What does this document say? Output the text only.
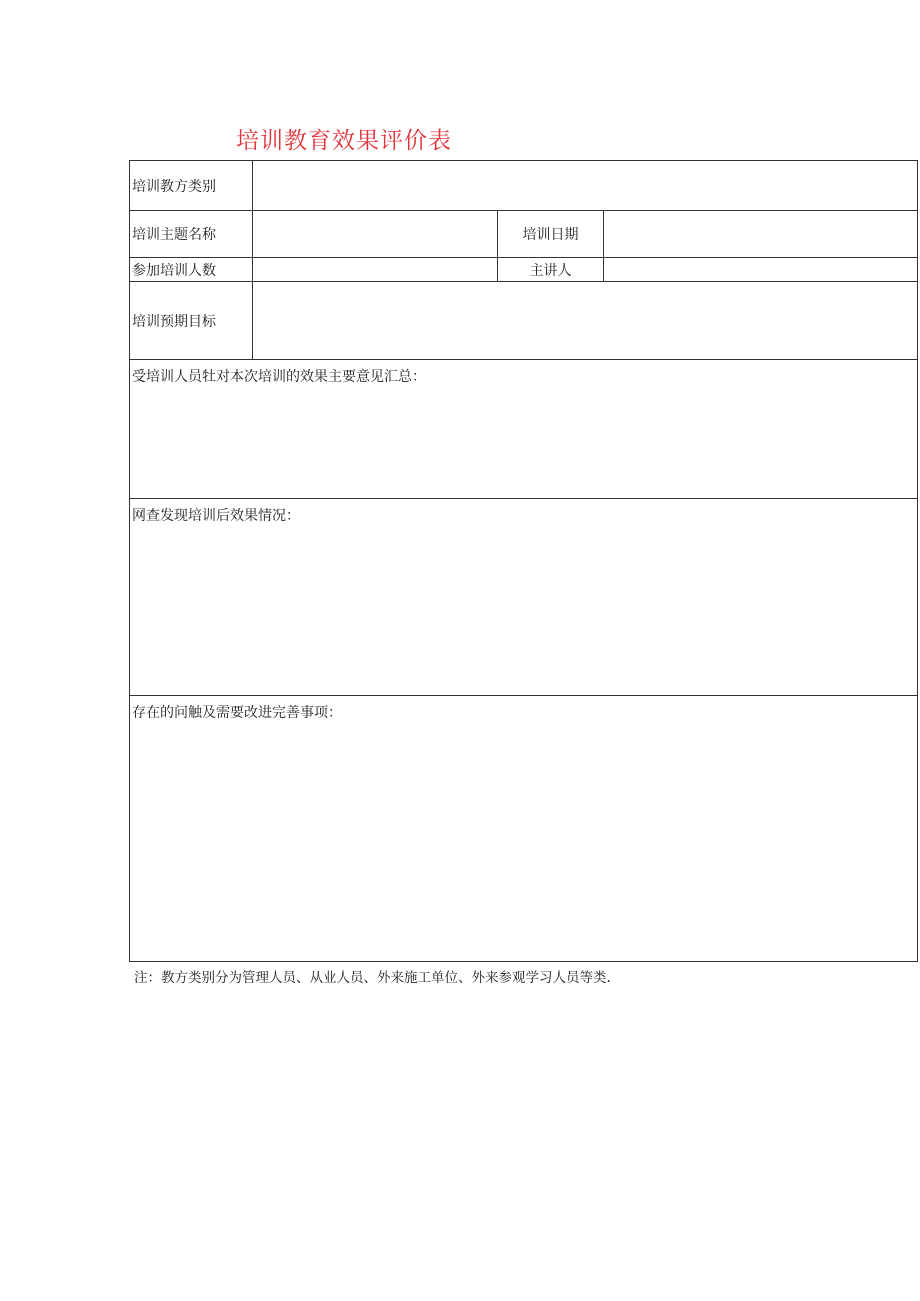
培训教育效果评价表
培训教方类别			
培训主题名称		培训日期	
参加培训人数		主讲人	
培训预期目标			
受培训人员牡对本次培训的效果主要意见汇总：			
网查发现培训后效果情况：			
存在的问触及需要改进完善事项：			
注：教方类别分为管理人员、从业人员、外来施工单位、外来参观学习人员等类.
